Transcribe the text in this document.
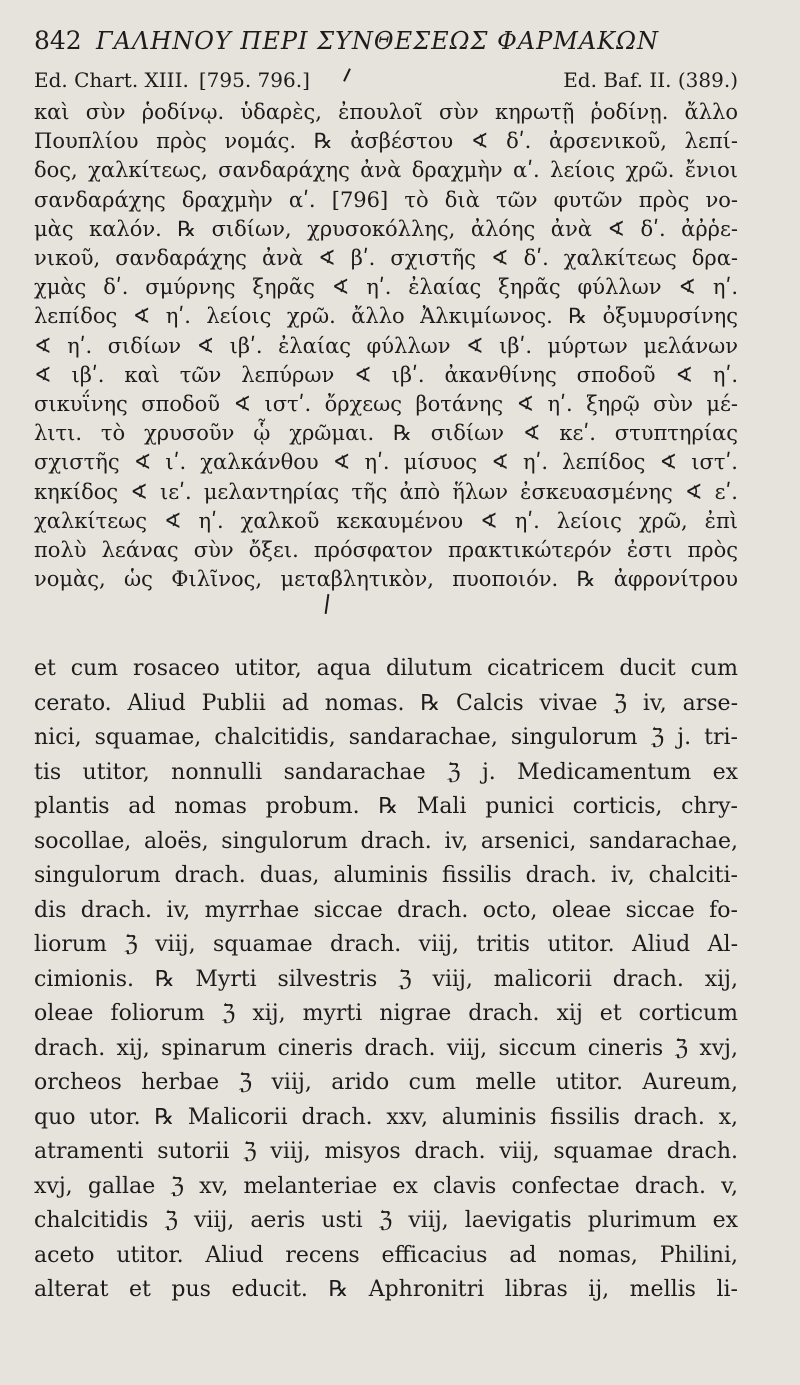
842 ΓΑΛΗΝΟΥ ΠΕΡΙ ΣΥΝΘΕΣΕΩΣ ΦΑΡΜΑΚΩΝ
Ed. Chart. XIII. [795. 796.]	Ed. Baf. II. (389.)
καὶ σὺν ῥοδίνῳ. ὑδαρὲς, ἐπουλοῖ σὺν κηρωτῇ ῥοδίνῃ. ἄλλο
Πουπλίου πρὸς νομάς. ℞ ἀσβέστου ∢ δʹ. ἀρσενικοῦ, λεπί-
δος, χαλκίτεως, σανδαράχης ἀνὰ δραχμὴν αʹ. λείοις χρῶ. ἔνιοι
σανδαράχης δραχμὴν αʹ. [796] τὸ διὰ τῶν φυτῶν πρὸς νο-
μὰς καλόν. ℞ σιδίων, χρυσοκόλλης, ἀλόης ἀνὰ ∢ δʹ. ἀῤῥε-
νικοῦ, σανδαράχης ἀνὰ ∢ βʹ. σχιστῆς ∢ δʹ. χαλκίτεως δρα-
χμὰς δʹ. σμύρνης ξηρᾶς ∢ ηʹ. ἐλαίας ξηρᾶς φύλλων ∢ ηʹ.
λεπίδος ∢ ηʹ. λείοις χρῶ. ἄλλο Ἀλκιμίωνος. ℞ ὀξυμυρσίνης
∢ ηʹ. σιδίων ∢ ιβʹ. ἐλαίας φύλλων ∢ ιβʹ. μύρτων μελάνων
∢ ιβʹ. καὶ τῶν λεπύρων ∢ ιβʹ. ἀκανθίνης σποδοῦ ∢ ηʹ.
σικυΐνης σποδοῦ ∢ ιστʹ. ὄρχεως βοτάνης ∢ ηʹ. ξηρῷ σὺν μέ-
λιτι. τὸ χρυσοῦν ᾧ χρῶμαι. ℞ σιδίων ∢ κεʹ. στυπτηρίας
σχιστῆς ∢ ιʹ. χαλκάνθου ∢ ηʹ. μίσυος ∢ ηʹ. λεπίδος ∢ ιστʹ.
κηκίδος ∢ ιεʹ. μελαντηρίας τῆς ἀπὸ ἥλων ἐσκευασμένης ∢ εʹ.
χαλκίτεως ∢ ηʹ. χαλκοῦ κεκαυμένου ∢ ηʹ. λείοις χρῶ, ἐπὶ
πολὺ λεάνας σὺν ὄξει. πρόσφατον πρακτικώτερόν ἐστι πρὸς
νομὰς, ὡς Φιλῖνος, μεταβλητικὸν, πυοποιόν. ℞ ἀφρονίτρου
et cum rosaceo utitor, aqua dilutum cicatricem ducit cum
cerato. Aliud Publii ad nomas. ℞ Calcis vivae ℨ iv, arse-
nici, squamae, chalcitidis, sandarachae, singulorum ℨ j. tri-
tis utitor, nonnulli sandarachae ℨ j. Medicamentum ex
plantis ad nomas probum. ℞ Mali punici corticis, chry-
socollae, aloës, singulorum drach. iv, arsenici, sandarachae,
singulorum drach. duas, aluminis fissilis drach. iv, chalciti-
dis drach. iv, myrrhae siccae drach. octo, oleae siccae fo-
liorum ℨ viij, squamae drach. viij, tritis utitor. Aliud Al-
cimionis. ℞ Myrti silvestris ℨ viij, malicorii drach. xij,
oleae foliorum ℨ xij, myrti nigrae drach. xij et corticum
drach. xij, spinarum cineris drach. viij, siccum cineris ℨ xvj,
orcheos herbae ℨ viij, arido cum melle utitor. Aureum,
quo utor. ℞ Malicorii drach. xxv, aluminis fissilis drach. x,
atramenti sutorii ℨ viij, misyos drach. viij, squamae drach.
xvj, gallae ℨ xv, melanteriae ex clavis confectae drach. v,
chalcitidis ℨ viij, aeris usti ℨ viij, laevigatis plurimum ex
aceto utitor. Aliud recens efficacius ad nomas, Philini,
alterat et pus educit. ℞ Aphronitri libras ij, mellis li-
